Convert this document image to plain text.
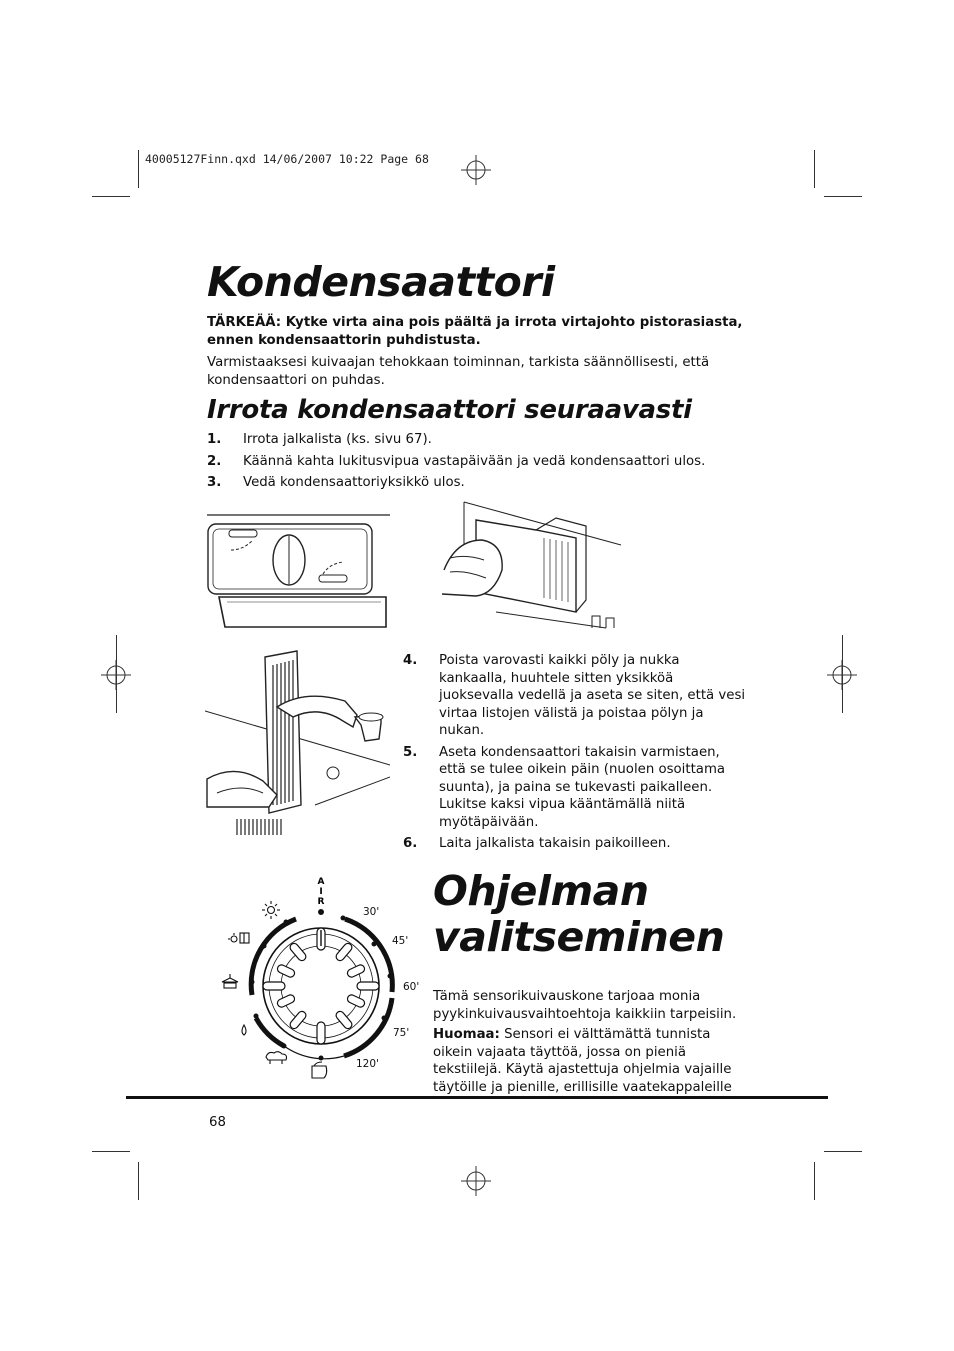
40005127Finn.qxd 14/06/2007 10:22 Page 68
Kondensaattori
TÄRKEÄÄ: Kytke virta aina pois päältä ja irrota virtajohto pistorasiasta, ennen kondensaattorin puhdistusta.
Varmistaaksesi kuivaajan tehokkaan toiminnan, tarkista säännöllisesti, että kondensaattori on puhdas.
Irrota kondensaattori seuraavasti
1. Irrota jalkalista (ks. sivu 67).
2. Käännä kahta lukitusvipua vastapäivään ja vedä kondensaattori ulos.
3. Vedä kondensaattoriyksikkö ulos.
4. Poista varovasti kaikki pöly ja nukka kankaalla, huuhtele sitten yksikköä juoksevalla vedellä ja aseta se siten, että vesi virtaa listojen välistä ja poistaa pölyn ja nukan.
5. Aseta kondensaattori takaisin varmistaen, että se tulee oikein päin (nuolen osoittama suunta), ja paina se tukevasti paikalleen. Lukitse kaksi vipua kääntämällä niitä myötäpäivään.
6. Laita jalkalista takaisin paikoilleen.
A
I
R
30'
45'
60'
75'
120'
Ohjelman
valitseminen
Tämä sensorikuivauskone tarjoaa monia pyykinkuivausvaihtoehtoja kaikkiin tarpeisiin.
Huomaa: Sensori ei välttämättä tunnista oikein vajaata täyttöä, jossa on pieniä tekstiilejä. Käytä ajastettuja ohjelmia vajaille täytöille ja pienille, erillisille vaatekappaleille
68
